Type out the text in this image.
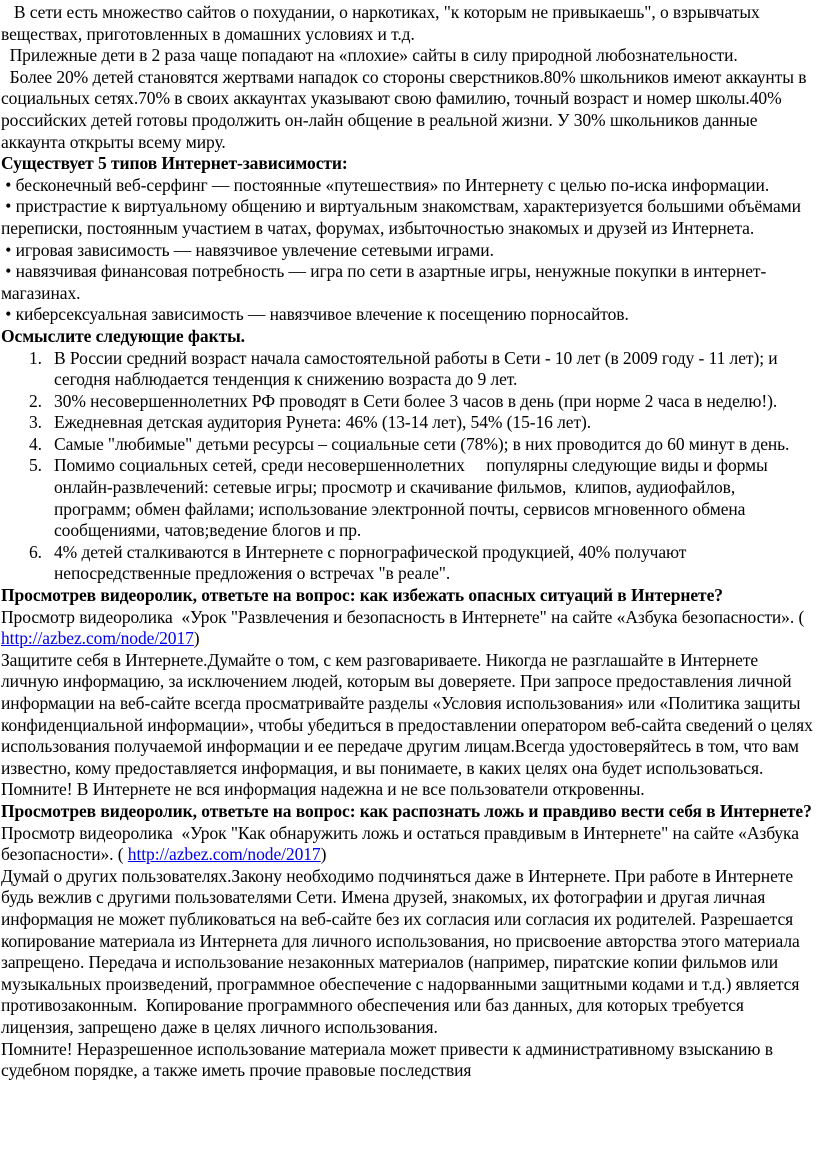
В сети есть множество сайтов о похудании, о наркотиках, "к которым не привыкаешь", о взрывчатых веществах, приготовленных в домашних условиях и т.д.

Прилежные дети в 2 раза чаще попадают на «плохие» сайты в силу природной любознательности.

Более 20% детей становятся жертвами нападок со стороны сверстников.80% школьников имеют аккаунты в социальных сетях.70% в своих аккаунтах указывают свою фамилию, точный возраст и номер школы.40% российских детей готовы продолжить он-лайн общение в реальной жизни. У 30% школьников данные аккаунта открыты всему миру.

Существует 5 типов Интернет-зависимости:

• бесконечный веб-серфинг — постоянные «путешествия» по Интернету с целью по-иска информации.

• пристрастие к виртуальному общению и виртуальным знакомствам, характеризуется большими объёмами переписки, постоянным участием в чатах, форумах, избыточностью знакомых и друзей из Интернета.

• игровая зависимость — навязчивое увлечение сетевыми играми.

• навязчивая финансовая потребность — игра по сети в азартные игры, ненужные покупки в интернет-магазинах.

• киберсексуальная зависимость — навязчивое влечение к посещению порносайтов.

Осмыслите следующие факты.

1. В России средний возраст начала самостоятельной работы в Сети - 10 лет (в 2009 году - 11 лет); и сегодня наблюдается тенденция к снижению возраста до 9 лет.
2. 30% несовершеннолетних РФ проводят в Сети более 3 часов в день (при норме 2 часа в неделю!).
3. Ежедневная детская аудитория Рунета: 46% (13-14 лет), 54% (15-16 лет).
4. Самые "любимые" детьми ресурсы – социальные сети (78%); в них проводится до 60 минут в день.
5. Помимо социальных сетей, среди несовершеннолетних     популярны следующие виды и формы онлайн-развлечений: сетевые игры; просмотр и скачивание фильмов,  клипов, аудиофайлов, программ; обмен файлами; использование электронной почты, сервисов мгновенного обмена сообщениями, чатов;ведение блогов и пр.
6. 4% детей сталкиваются в Интернете с порнографической продукцией, 40% получают непосредственные предложения о встречах "в реале".

Просмотрев видеоролик, ответьте на вопрос: как избежать опасных ситуаций в Интернете?

Просмотр видеоролика  «Урок "Развлечения и безопасность в Интернете" на сайте «Азбука безопасности». ( http://azbez.com/node/2017)

Защитите себя в Интернете.Думайте о том, с кем разговариваете. Никогда не разглашайте в Интернете личную информацию, за исключением людей, которым вы доверяете. При запросе предоставления личной информации на веб-сайте всегда просматривайте разделы «Условия использования» или «Политика защиты конфиденциальной информации», чтобы убедиться в предоставлении оператором веб-сайта сведений о целях использования получаемой информации и ее передаче другим лицам.Всегда удостоверяйтесь в том, что вам известно, кому предоставляется информация, и вы понимаете, в каких целях она будет использоваться.

Помните! В Интернете не вся информация надежна и не все пользователи откровенны.

Просмотрев видеоролик, ответьте на вопрос: как распознать ложь и правдиво вести себя в Интернете?

Просмотр видеоролика  «Урок "Как обнаружить ложь и остаться правдивым в Интернете" на сайте «Азбука безопасности». ( http://azbez.com/node/2017)

Думай о других пользователях.Закону необходимо подчиняться даже в Интернете. При работе в Интернете будь вежлив с другими пользователями Сети. Имена друзей, знакомых, их фотографии и другая личная информация не может публиковаться на веб-сайте без их согласия или согласия их родителей. Разрешается копирование материала из Интернета для личного использования, но присвоение авторства этого материала запрещено. Передача и использование незаконных материалов (например, пиратские копии фильмов или музыкальных произведений, программное обеспечение с надорванными защитными кодами и т.д.) является противозаконным.  Копирование программного обеспечения или баз данных, для которых требуется лицензия, запрещено даже в целях личного использования.

Помните! Неразрешенное использование материала может привести к административному взысканию в судебном порядке, а также иметь прочие правовые последствия
